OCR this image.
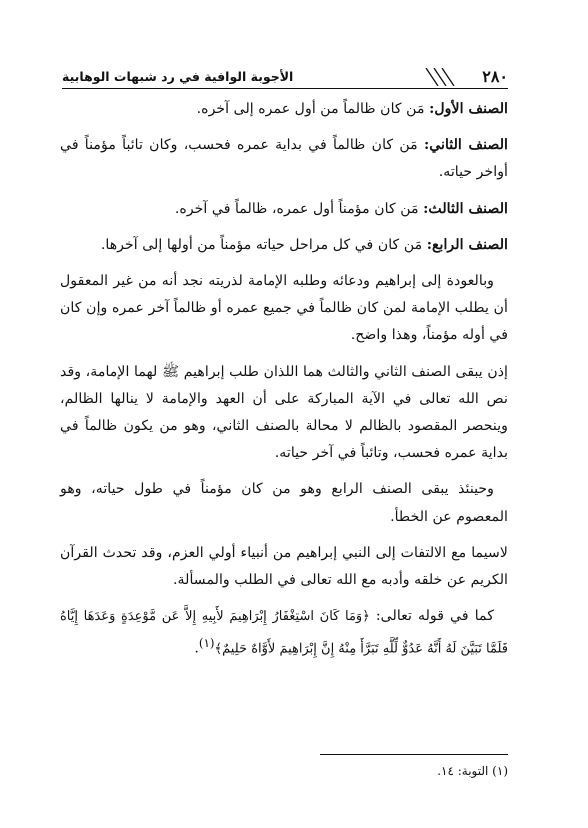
٢٨٠
الأجوبة الوافية في رد شبهات الوهابية

الصنف الأول: مَن كان ظالماً من أول عمره إلى آخره.

الصنف الثاني: مَن كان ظالماً في بداية عمره فحسب، وكان تائباً مؤمناً في أواخر حياته.

الصنف الثالث: مَن كان مؤمناً أول عمره، ظالماً في آخره.

الصنف الرابع: مَن كان في كل مراحل حياته مؤمناً من أولها إلى آخرها.

وبالعودة إلى إبراهيم ودعائه وطلبه الإمامة لذريته نجد أنه من غير المعقول أن يطلب الإمامة لمن كان ظالماً في جميع عمره أو ظالماً آخر عمره وإن كان في أوله مؤمناً، وهذا واضح.

إذن يبقى الصنف الثاني والثالث هما اللذان طلب إبراهيم ﷺ لهما الإمامة، وقد نص الله تعالى في الآية المباركة على أن العهد والإمامة لا ينالها الظالم، وينحصر المقصود بالظالم لا محالة بالصنف الثاني، وهو من يكون ظالماً في بداية عمره فحسب، وتائباً في آخر حياته.

وحينئذ يبقى الصنف الرابع وهو من كان مؤمناً في طول حياته، وهو المعصوم عن الخطأ.

لاسيما مع الالتفات إلى النبي إبراهيم من أنبياء أولي العزم، وقد تحدث القرآن الكريم عن خلقه وأدبه مع الله تعالى في الطلب والمسألة.

كما في قوله تعالى: ﴿وَمَا كَانَ اسْتِغْفَارُ إِبْرَاهِيمَ لأَبِيهِ إِلاَّ عَن مَّوْعِدَةٍ وَعَدَهَا إِيَّاهُ فَلَمَّا تَبَيَّنَ لَهُ أَنَّهُ عَدُوٌّ لِّلَّهِ تَبَرَّأَ مِنْهُ إِنَّ إِبْرَاهِيمَ لأَوَّاهٌ حَلِيمٌ﴾$^{(١)}$.

(١) التوبة: ١٤.
